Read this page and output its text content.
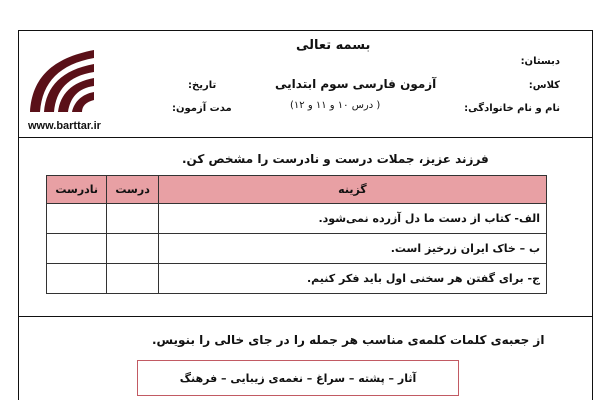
بسمه تعالی
دبستان:
کلاس:
نام و نام خانوادگی:
تاریخ:
مدت آزمون:
آزمون فارسی سوم ابتدایی
( درس ۱۰ و ۱۱ و ۱۲)
www.barttar.ir
فرزند عزیز، جملات درست و نادرست را مشخص کن.
گزینه	درست	نادرست
الف- کتاب از دست ما دل آزرده نمی‌شود.		
ب – خاک ایران زرخیز است.		
ج- برای گفتن هر سخنی اول باید فکر کنیم.		
از جعبه‌ی کلمات کلمه‌ی مناسب هر جمله را در جای خالی را بنویس.
آثار – پشته – سراغ – نغمه‌ی زیبایی – فرهنگ
